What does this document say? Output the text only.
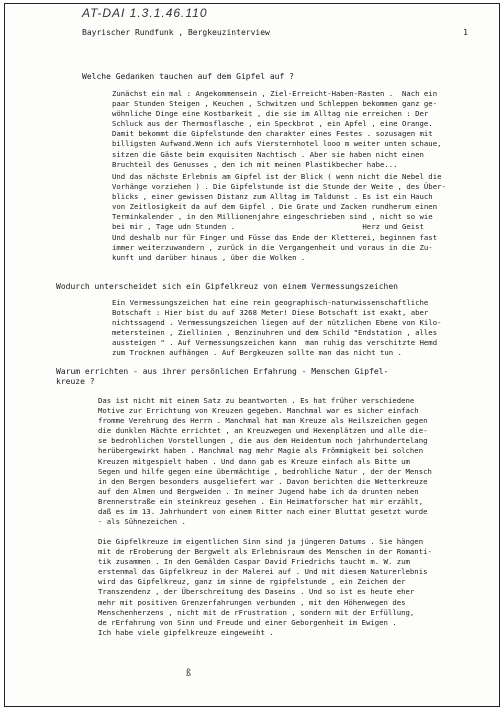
AT-DAI 1.3.1.46.110
Bayrischer Rundfunk , Bergkeuzinterview	1
Welche Gedanken tauchen auf dem Gipfel auf ?
Zunächst ein mal : Angekommensein , Ziel-Erreicht-Haben-Rasten .  Nach ein
paar Stunden Steigen , Keuchen , Schwitzen und Schleppen bekommen ganz ge-
wöhnliche Dinge eine Kostbarkeit , die sie im Alltag nie erreichen : Der
Schluck aus der Thermosflasche , ein Speckbrot , ein Apfel , eine Orange.
Damit bekommt die Gipfelstunde den charakter eines Festes . sozusagen mit
billigsten Aufwand.Wenn ich aufs Viersternhotel looo m weiter unten schaue,
sitzen die Gäste beim exquisiten Nachtisch . Aber sie haben nicht einen
Bruchteil des Genusses , den ich mit meinen Plastikbecher habe...
Und das nächste Erlebnis am Gipfel ist der Blick ( wenn nicht die Nebel die
Vorhänge vorziehen ) . Die Gipfelstunde ist die Stunde der Weite , des Über-
blicks , einer gewissen Distanz zum Alltag im Taldunst . Es ist ein Hauch
von Zeitlosigkeit da auf dem Gipfel . Die Grate und Zacken rundherum einen
Terminkalender , in den Millionenjahre eingeschrieben sind , nicht so wie
bei mir , Tage udn Stunden .                             Herz und Geist
Und deshalb nur für Finger und Füsse das Ende der Kletterei, beginnen fast
immer weiterzuwandern , zurück in die Vergangenheit und voraus in die Zu-
kunft und darüber hinaus , über die Wolken .
Wodurch unterscheidet sich ein Gipfelkreuz von einem Vermessungszeichen
Ein Vermessungszeichen hat eine rein geographisch-naturwissenschaftliche
Botschaft : Hier bist du auf 3268 Meter! Diese Botschaft ist exakt, aber
nichtssagend . Vermessungszeichen liegen auf der nützlichen Ebene von Kilo-
metersteinen , Ziellinien , Benzinuhren und dem Schild "Endstation , alles
aussteigen " . Auf Vermessungszeichen kann  man ruhig das verschitzte Hemd
zum Trocknen aufhängen . Auf Bergkeuzen sollte man das nicht tun .
Warum errichten - aus ihrer persönlichen Erfahrung - Menschen Gipfel-
kreuze ?
Das ist nicht mit einem Satz zu beantworten . Es hat früher verschiedene
Motive zur Errichtung von Kreuzen gegeben. Manchmal war es sicher einfach
fromme Verehrung des Herrn . Manchmal hat man Kreuze als Heilszeichen gegen
die dunklen Mächte errichtet , an Kreuzwegen und Hexenplätzen und alle die-
se bedrohlichen Vorstellungen , die aus dem Heidentum noch jahrhundertelang
herübergewirkt haben . Manchmal mag mehr Magie als Frömmigkeit bei solchen
Kreuzen mitgespielt haben . Und dann gab es Kreuze einfach als Bitte um
Segen und hilfe gegen eine übermächtige , bedrohliche Natur , der der Mensch
in den Bergen besonders ausgeliefert war . Davon berichten die Wetterkreuze
auf den Almen und Bergweiden . In meiner Jugend habe ich da drunten neben
Brennerstraße ein steinkreuz gesehen . Ein Heimatforscher hat mir erzählt,
daß es im 13. Jahrhundert von einem Ritter nach einer Bluttat gesetzt wurde
- als Sühnezeichen .
Die Gipfelkreuze im eigentlichen Sinn sind ja jüngeren Datums . Sie hängen
mit de rEroberung der Bergwelt als Erlebnisraum des Menschen in der Romanti-
tik zusammen . In den Gemälden Caspar David Friedrichs taucht m. W. zum
erstenmal das Gipfelkreuz in der Malerei auf . Und mit diesem Naturerlebnis
wird das Gipfelkreuz, ganz im sinne de rgipfelstunde , ein Zeichen der
Transzendenz , der Überschreitung des Daseins . Und so ist es heute eher
mehr mit positiven Grenzerfahrungen verbunden , mit den Höhenwegen des
Menschenherzens , nicht mit de rFrustration , sondern mit der Erfüllung,
de rErfahrung von Sinn und Freude und einer Geborgenheit im Ewigen .
Ich habe viele gipfelkreuze eingeweiht .
ß
